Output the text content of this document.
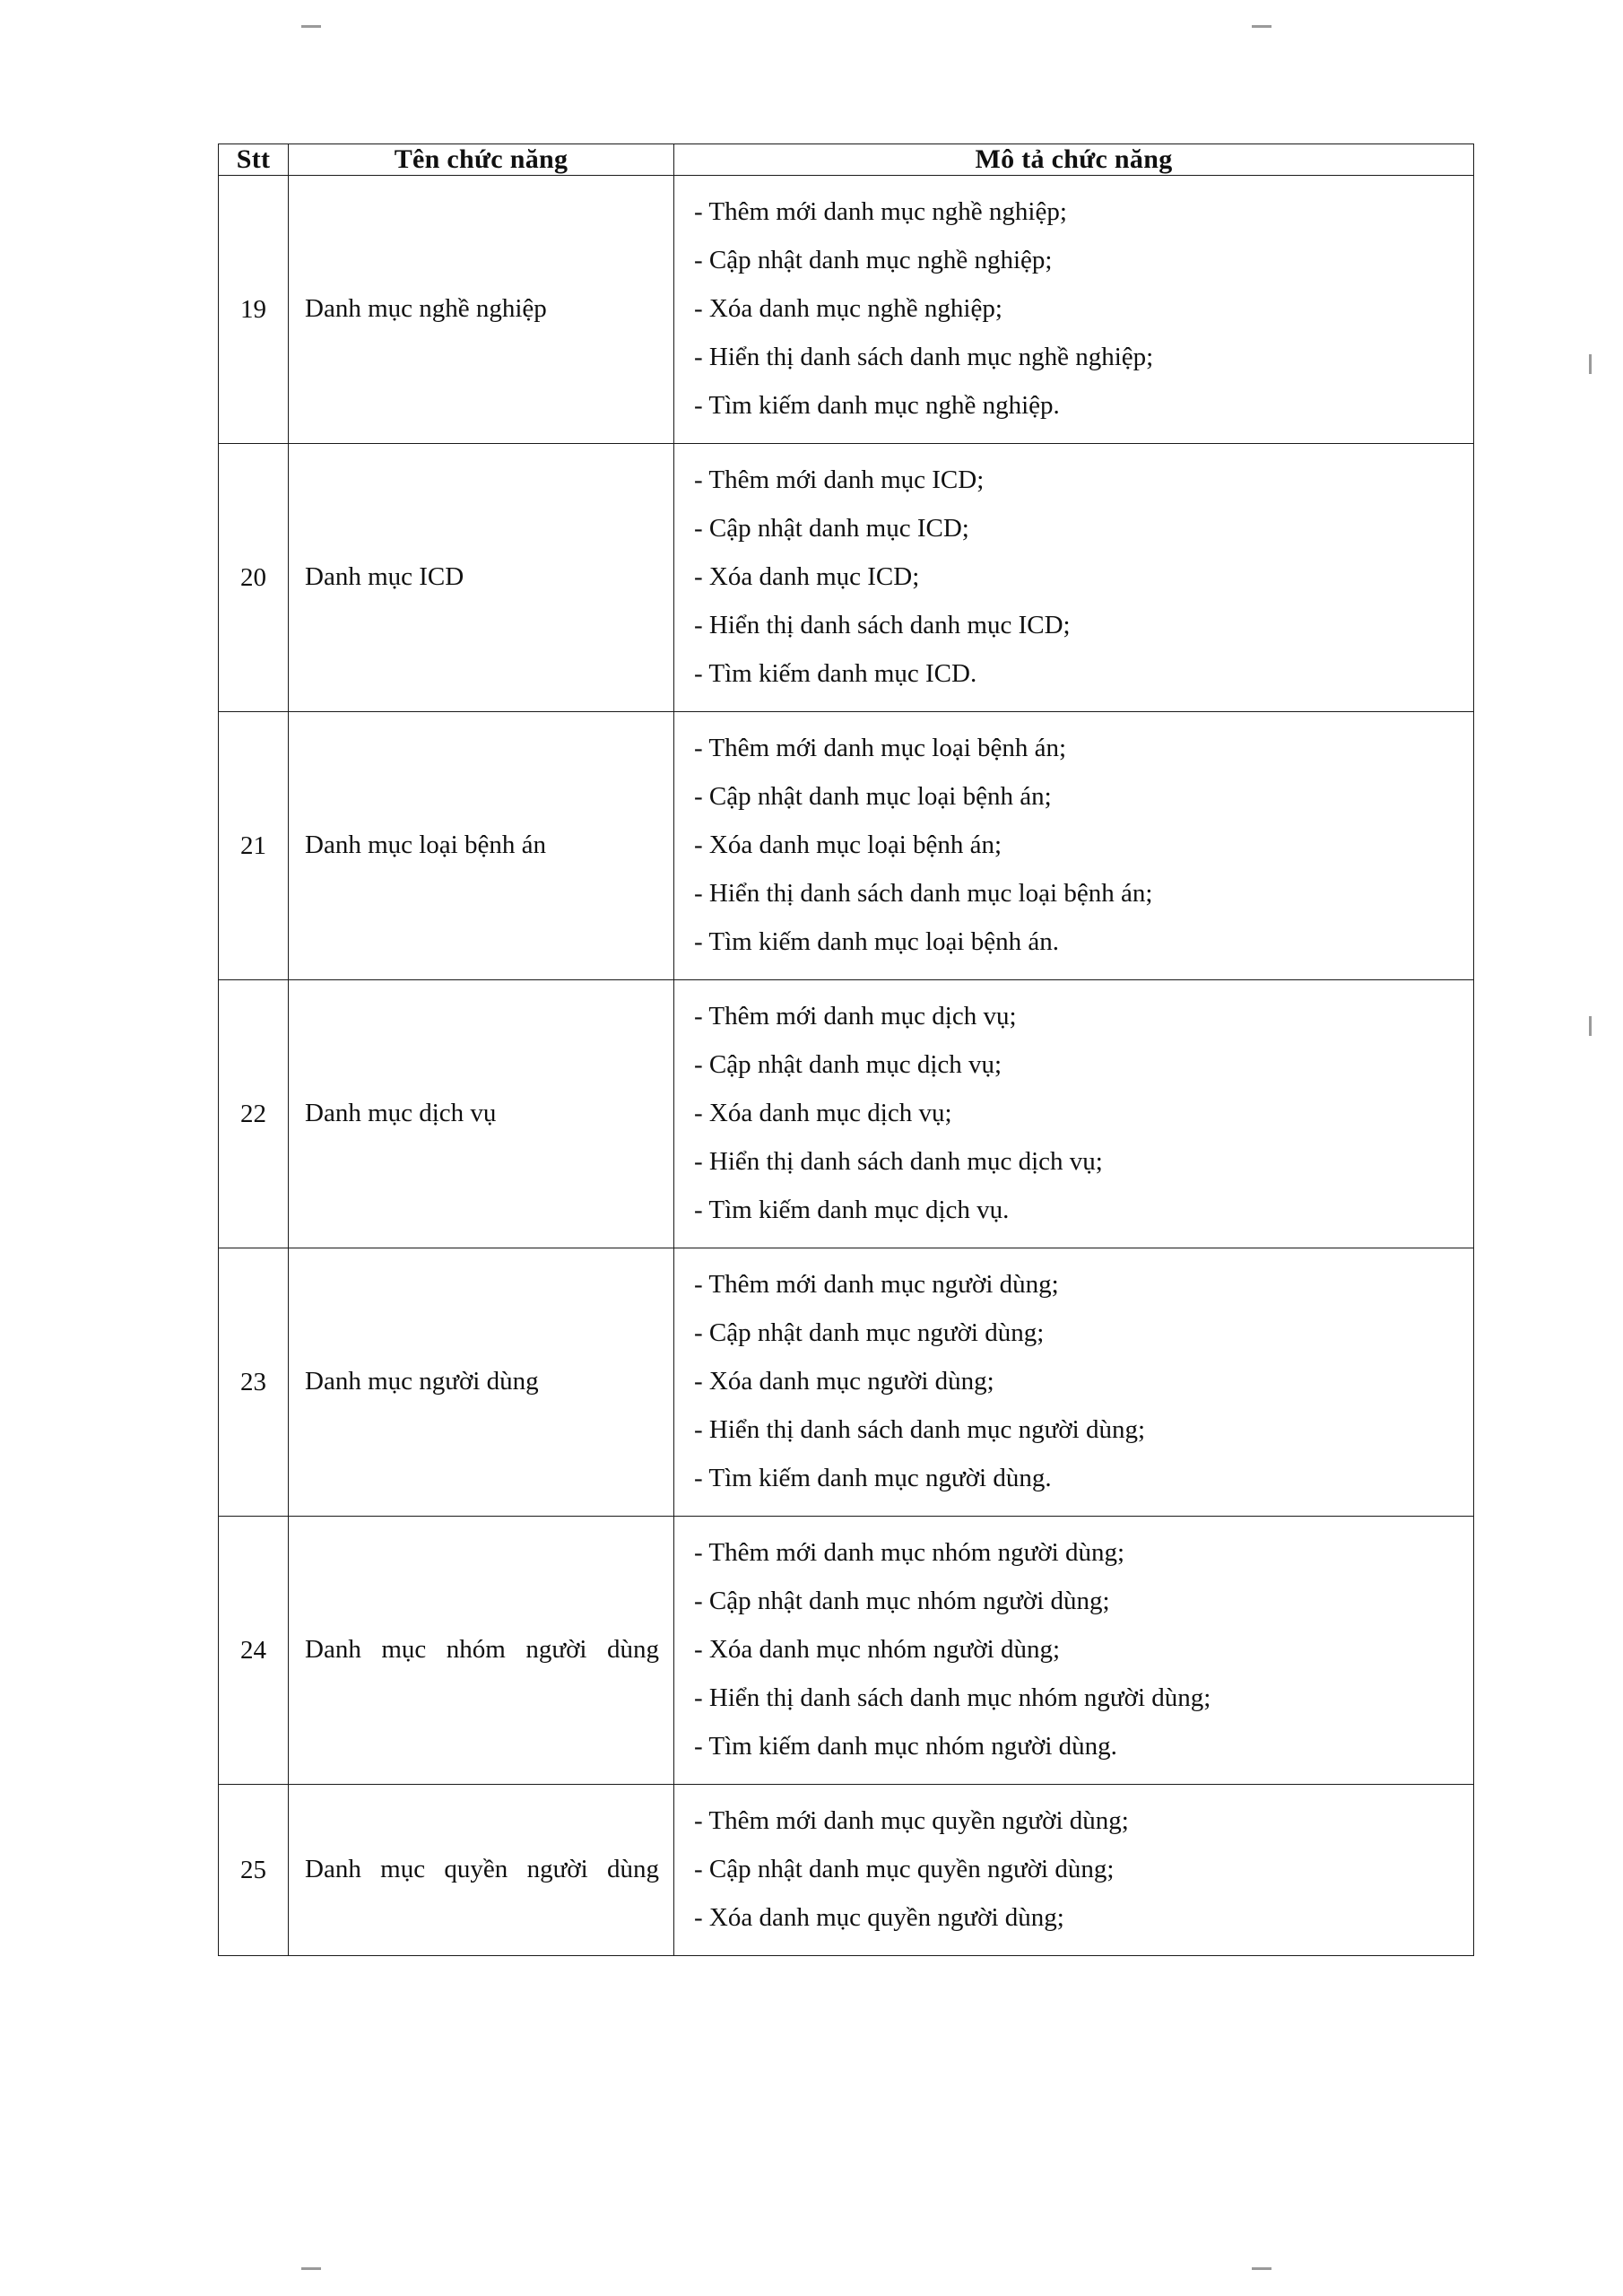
Stt	Tên chức năng	Mô tả chức năng
19	Danh mục nghề nghiệp	
- Thêm mới danh mục nghề nghiệp;
- Cập nhật danh mục nghề nghiệp;
- Xóa danh mục nghề nghiệp;
- Hiển thị danh sách danh mục nghề nghiệp;
- Tìm kiếm danh mục nghề nghiệp.

20	Danh mục ICD	
- Thêm mới danh mục ICD;
- Cập nhật danh mục ICD;
- Xóa danh mục ICD;
- Hiển thị danh sách danh mục ICD;
- Tìm kiếm danh mục ICD.

21	Danh mục loại bệnh án	
- Thêm mới danh mục loại bệnh án;
- Cập nhật danh mục loại bệnh án;
- Xóa danh mục loại bệnh án;
- Hiển thị danh sách danh mục loại bệnh án;
- Tìm kiếm danh mục loại bệnh án.

22	Danh mục dịch vụ	
- Thêm mới danh mục dịch vụ;
- Cập nhật danh mục dịch vụ;
- Xóa danh mục dịch vụ;
- Hiển thị danh sách danh mục dịch vụ;
- Tìm kiếm danh mục dịch vụ.

23	Danh mục người dùng	
- Thêm mới danh mục người dùng;
- Cập nhật danh mục người dùng;
- Xóa danh mục người dùng;
- Hiển thị danh sách danh mục người dùng;
- Tìm kiếm danh mục người dùng.

24	Danh mục nhóm người dùng	
- Thêm mới danh mục nhóm người dùng;
- Cập nhật danh mục nhóm người dùng;
- Xóa danh mục nhóm người dùng;
- Hiển thị danh sách danh mục nhóm người dùng;
- Tìm kiếm danh mục nhóm người dùng.

25	Danh mục quyền người dùng	
- Thêm mới danh mục quyền người dùng;
- Cập nhật danh mục quyền người dùng;
- Xóa danh mục quyền người dùng;
